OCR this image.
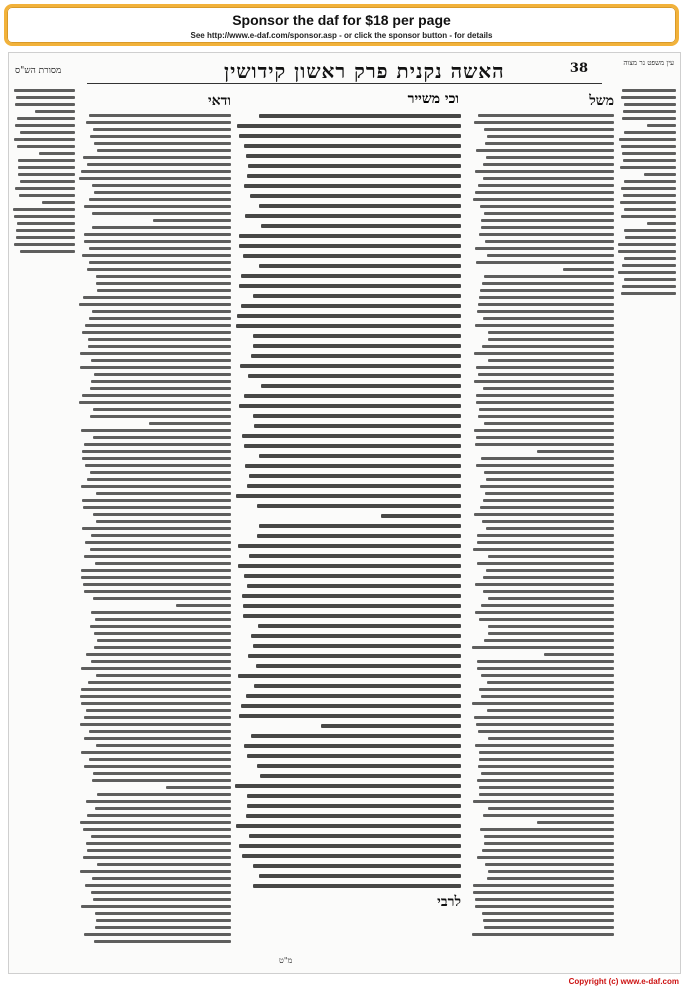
Sponsor the daf for $18 per page
See http://www.e-daf.com/sponsor.asp - or click the sponsor button - for details
מסורת הש"ס	האשה נקנית פרק ראשון קידושין	38	עין משפט נר מצוה
משל
וכי משייר
לרבי
ודאי
מ"ט
Copyright (c) www.e-daf.com
